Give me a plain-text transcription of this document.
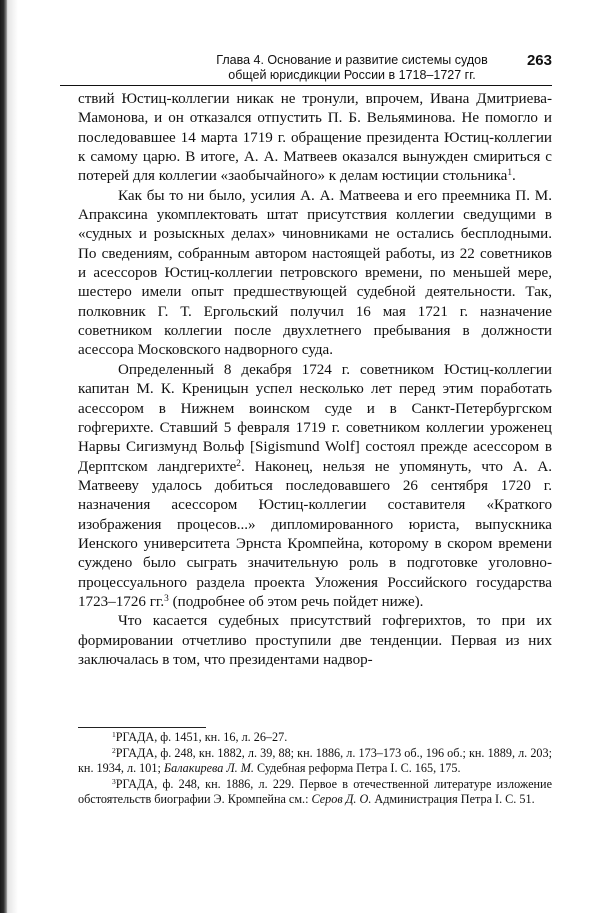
Глава 4. Основание и развитие системы судов
общей юрисдикции России в 1718–1727 гг.
263

ствий Юстиц-коллегии никак не тронули, впрочем, Ивана Дмитриева-Мамонова, и он отказался отпустить П. Б. Вельяминова. Не помогло и последовавшее 14 марта 1719 г. обращение президента Юстиц-коллегии к самому царю. В итоге, А. А. Матвеев оказался вынужден смириться с потерей для коллегии «заобычайного» к делам юстиции стольника$^1$.

Как бы то ни было, усилия А. А. Матвеева и его преемника П. М. Апраксина укомплектовать штат присутствия коллегии сведущими в «судных и розыскных делах» чиновниками не остались бесплодными. По сведениям, собранным автором настоящей работы, из 22 советников и асессоров Юстиц-коллегии петровского времени, по меньшей мере, шестеро имели опыт предшествующей судебной деятельности. Так, полковник Г. Т. Ергольский получил 16 мая 1721 г. назначение советником коллегии после двухлетнего пребывания в должности асессора Московского надворного суда.

Определенный 8 декабря 1724 г. советником Юстиц-коллегии капитан М. К. Креницын успел несколько лет перед этим поработать асессором в Нижнем воинском суде и в Санкт-Петербургском гофгерихте. Ставший 5 февраля 1719 г. советником коллегии уроженец Нарвы Сигизмунд Вольф [Sigismund Wolf] состоял прежде асессором в Дерптском ландгерихте$^2$. Наконец, нельзя не упомянуть, что А. А. Матвееву удалось добиться последовавшего 26 сентября 1720 г. назначения асессором Юстиц-коллегии составителя «Краткого изображения процесов...» дипломированного юриста, выпускника Иенского университета Эрнста Кромпейна, которому в скором времени суждено было сыграть значительную роль в подготовке уголовно-процессуального раздела проекта Уложения Российского государства 1723–1726 гг.$^3$ (подробнее об этом речь пойдет ниже).

Что касается судебных присутствий гофгерихтов, то при их формировании отчетливо проступили две тенденции. Первая из них заключалась в том, что президентами надвор-

$^1$РГАДА, ф. 1451, кн. 16, л. 26–27.

$^2$РГАДА, ф. 248, кн. 1882, л. 39, 88; кн. 1886, л. 173–173 об., 196 об.; кн. 1889, л. 203; кн. 1934, л. 101; Балакирева Л. М. Судебная реформа Петра I. С. 165, 175.

$^3$РГАДА, ф. 248, кн. 1886, л. 229. Первое в отечественной литературе изложение обстоятельств биографии Э. Кромпейна см.: Серов Д. О. Администрация Петра I. С. 51.
